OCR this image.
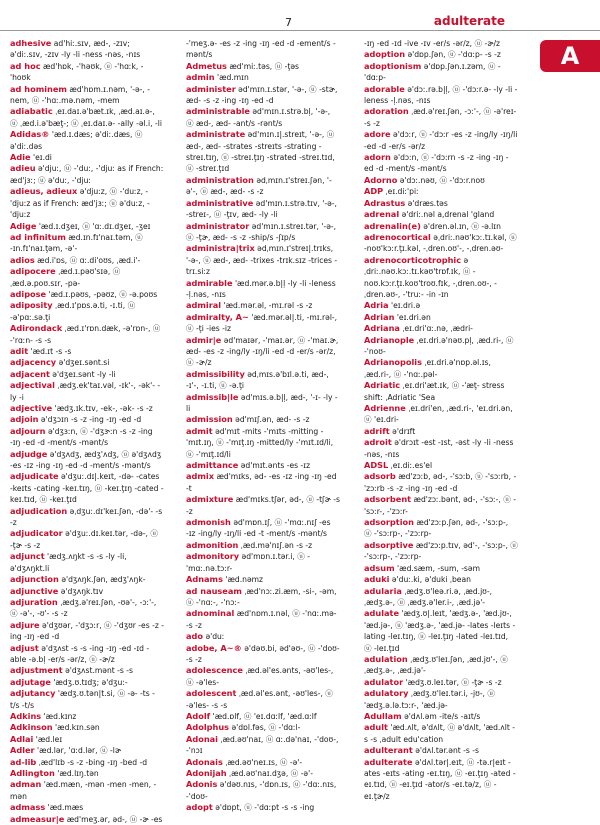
7	adulterate
A

adhesive ad'hiː.sɪv, æd-, -zɪv; ə'diː.sɪv, -zɪv -ly -li -ness -nəs, -nɪs

ad hoc æd'hɒk, -'həʊk, ⓤ -'hɑːk, -'hoʊk

ad hominem æd'hɒm.ɪ.nəm, '-ə-, -nem, ⓤ -'hɑː.mə.nəm, -mem

adiabatic ˌeɪ.daɪ.ə'bæt.ɪk, ˌæd.aɪ.ə-, ⓤ ˌæd.i.ə'bæţ-; ⓤ ˌeɪ.daɪ.ə- -ally -əl.i, -li

Adidas® 'æd.ɪ.dæs; ə'diː.dæs, ⓤ ə'diː.dəs

Adie 'eɪ.di

adieu ə'djuː, ⓤ -'duː, -'djuː as if French: æd'jɜː; ⓤ ə'duː, -'djuː

adieus, adieux ə'djuːz, ⓤ -'duːz, -'djuːz as if French: æd'jɜː; ⓤ ə'duːz, -'djuːz

Adige 'æd.ɪ.dʒeɪ, ⓤ 'ɑː.dɪ.dʒeɪ, -ʒeɪ

ad infinitum æd.ɪn.fɪ'naɪ.təm, ⓤ -ɪn.fɪ'naɪ.ţəm, -ə'-

adios æd.i'ɒs, ⓤ ɑː.di'oʊs, ˌæd.i'-

adipocere ˌæd.ɪ.pəʊ'sɪə, ⓤ ˌæd.ə.poʊ.sɪr, -pə-

adipose 'æd.ɪ.pəʊs, -pəʊz, ⓤ -ə.poʊs

adiposity ˌæd.ɪ'pɒs.ə.ti, -ɪ.ti, ⓤ -ə'pɑː.sə.ţi

Adirondack ˌæd.ɪ'rɒn.dæk, -ə'rɒn-, ⓤ -'rɑːn- -s -s

adit 'æd.ɪt -s -s

adjacency ə'dʒeɪ.sənt.si

adjacent ə'dʒeɪ.sənt -ly -li

adjectival ˌædʒ.ek'taɪ.vəl, -ɪk'-, -ək'- -ly -i

adjective 'ædʒ.ɪk.tɪv, -ek-, -ək- -s -z

adjoin ə'dʒɔɪn -s -z -ing -ɪŋ -ed -d

adjourn ə'dʒɜːn, ⓤ -'dʒɝːn -s -z -ing -ɪŋ -ed -d -ment/s -mənt/s

adjudge ə'dʒʌdʒ, ædʒ'ʌdʒ, ⓤ ə'dʒʌdʒ -es -ɪz -ing -ɪŋ -ed -d -ment/s -mənt/s

adjudicate ə'dʒuː.dɪ|.keɪt, -də- -cates -keɪts -cating -keɪ.tɪŋ, ⓤ -keɪ.ţɪŋ -cated -keɪ.tɪd, ⓤ -keɪ.ţɪd

adjudication əˌdʒuː.dɪ'keɪ.ʃən, -də'- -s -z

adjudicator ə'dʒuː.dɪ.keɪ.tər, -də-, ⓤ -ţɚ -s -z

adjunct 'ædʒ.ʌŋkt -s -s -ly -li, ə'dʒʌŋkt.li

adjunction ə'dʒʌŋk.ʃən, ædʒ'ʌŋk-

adjunctive ə'dʒʌŋk.tɪv

adjuration ˌædʒ.ə'reɪ.ʃən, -ʊə'-, -ɔː'-, ⓤ -ə'-, -ʊ'- -s -z

adjure ə'dʒʊər, -'dʒɔːr, ⓤ -'dʒʊr -es -z -ing -ɪŋ -ed -d

adjust ə'dʒʌst -s -s -ing -ɪŋ -ed -ɪd -able -ə.bl̩ -er/s -ər/z, ⓤ -ɚ/z

adjustment ə'dʒʌst.mənt -s -s

adjutage 'ædʒ.ʊ.tɪdʒ; ə'dʒuː-

adjutancy 'ædʒ.ʊ.tən|t.si, ⓤ -ə- -ts -t/s -t/s

Adkins 'æd.kɪnz

Adkinson 'æd.kɪn.sən

Adlai 'æd.leɪ

Adler 'æd.lər, 'ɑːd.lər, ⓤ -lɚ

ad-lib ˌæd'lɪb -s -z -bing -ɪŋ -bed -d

Adlington 'æd.lɪŋ.tən

adman 'æd.mæn, -mən -men -men, -mən

admass 'æd.mæs

admeasur|e æd'meʒ.ər, əd-, ⓤ -ɚ -es

-'meʒ.ə- -es -z -ing -ɪŋ -ed -d -ement/s -mənt/s

Admetus æd'miː.təs, ⓤ -ţəs

admin 'æd.mɪn

administer əd'mɪn.ɪ.stər, '-ə-, ⓤ -stɚ, æd- -s -z -ing -ɪŋ -ed -d

administrable əd'mɪn.ɪ.strə.bl̩, '-ə-, ⓤ æd-, æd- -ant/s -rənt/s

administrate əd'mɪn.ɪ|.streɪt, '-ə-, ⓤ æd-, æd- -strates -streɪts -strating -streɪ.tɪŋ, ⓤ -streɪ.ţɪŋ -strated -streɪ.tɪd, ⓤ -streɪ.ţɪd

administration ədˌmɪn.ɪ'streɪ.ʃən, '-ə'-, ⓤ æd-, æd- -s -z

administrative əd'mɪn.ɪ.strə.tɪv, '-ə-, -streɪ-, ⓤ -ţɪv, æd- -ly -li

administrator əd'mɪn.ɪ.streɪ.tər, '-ə-, ⓤ -ţɚ, æd- -s -z -ship/s -ʃɪp/s

administra|trix ədˌmɪn.ɪ'streɪ|.trɪks, '-ə-, ⓤ æd-, æd- -trixes -trɪk.sɪz -trices -trɪ.siːz

admirable 'æd.mər.ə.b|l̩ -ly -li -leness -l̩.nəs, -nɪs

admiral 'æd.mər.əl, -mɪ.rəl -s -z

admiralty, A~ 'æd.mər.əl|.ti, -mɪ.rəl-, ⓤ -ţi -ies -iz

admir|e əd'maɪər, -'maɪ.ər, ⓤ -'maɪ.ɚ, æd- -es -z -ing/ly -ɪŋ/li -ed -d -er/s -ər/z, ⓤ -ɚ/z

admissibility ədˌmɪs.ə'bɪl.ə.ti, æd-, -ɪ'-, -ɪ.ti, ⓤ -ə.ţi

admissib|le əd'mɪs.ə.b|l̩, æd-, '-ɪ- -ly -li

admission əd'mɪʃ.ən, æd- -s -z

admit əd'mɪt -mits -'mɪts -mitting -'mɪt.ɪŋ, ⓤ -'mɪţ.ɪŋ -mitted/ly -'mɪt.ɪd/li, ⓤ -'mɪţ.ɪd/li

admittance əd'mɪt.ənts -es -ɪz

admix æd'mɪks, əd- -es -ɪz -ing -ɪŋ -ed -t

admixture æd'mɪks.tʃər, əd-, ⓤ -tʃɚ -s -z

admonish əd'mɒn.ɪʃ, ⓤ -'mɑː.nɪʃ -es -ɪz -ing/ly -ɪŋ/li -ed -t -ment/s -mənt/s

admonition ˌæd.mə'nɪʃ.ən -s -z

admonitory əd'mɒn.ɪ.tər.i, ⓤ -'mɑː.nə.tɔːr-

Adnams 'æd.nəmz

ad nauseam ˌæd'nɔː.zi.æm, -si-, -əm, ⓤ -'nɑː-, -'nɔː-

adnominal æd'nɒm.ɪ.nəl, ⓤ -'nɑː.mə- -s -z

ado ə'duː

adobe, A~® ə'dəʊ.bi, əd'əʊ-, ⓤ -'doʊ- -s -z

adolescence ˌæd.əl'es.ənts, -əʊ'les-, ⓤ -ə'les-

adolescent ˌæd.əl'es.ənt, -əʊ'les-, ⓤ -ə'les- -s -s

Adolf 'æd.ɒlf, ⓤ 'eɪ.dɑːlf, 'æd.ɑːlf

Adolphus ə'dɒl.fəs, ⓤ -'dɑːl-

Adonai ˌæd.əʊ'naɪ, ⓤ ɑː.də'naɪ, -'doʊ-, -'nɔɪ

Adonais ˌæd.əʊ'neɪ.ɪs, ⓤ -ə'-

Adonijah ˌæd.əʊ'naɪ.dʒə, ⓤ -ə'-

Adonis ə'dəʊ.nɪs, -'dɒn.ɪs, ⓤ -'dɑː.nɪs, -'doʊ-

adopt ə'dɒpt, ⓤ -'dɑːpt -s -s -ing

-ɪŋ -ed -ɪd -ive -ɪv -er/s -ər/z, ⓤ -ɚ/z

adoption ə'dɒp.ʃən, ⓤ -'dɑːp- -s -z

adoptionism ə'dɒp.ʃən.ɪ.zəm, ⓤ -'dɑːp-

adorable ə'dɔː.rə.b|l̩, ⓤ -'dɔːr.ə- -ly -li -leness -l̩.nəs, -nɪs

adoration ˌæd.ə'reɪ.ʃən, -ɔː'-, ⓤ -ə'reɪ- -s -z

adore ə'dɔːr, ⓤ -'dɔːr -es -z -ing/ly -ɪŋ/li -ed -d -er/s -ər/z

adorn ə'dɔːn, ⓤ -'dɔːrn -s -z -ing -ɪŋ -ed -d -ment/s -mənt/s

Adorno ə'dɔː.nəʊ, ⓤ -'dɔːr.noʊ

ADP ˌeɪ.diː'piː

Adrastus ə'dræs.təs

adrenal ə'driː.nəl a,drenal 'gland

adrenalin(e) ə'dren.əl.ɪn, ⓤ -ə.lɪn

adrenocortical əˌdriː.nəʊ'kɔː.tɪ.kəl, ⓤ -noʊ'kɔːr.ţɪ.kəl, -ˌdren.oʊ'-, -ˌdren.əʊ-

adrenocorticotrophic əˌdriː.nəʊ.kɔː.tɪ.kəʊ'trɒf.ɪk, ⓤ -noʊ.kɔːr.ţɪ.koʊ'troʊ.fɪk, -ˌdren.oʊ-, -ˌdren.əʊ-, -'truː- -in -ɪn

Adria 'eɪ.dri.ə

Adrian 'eɪ.dri.ən

Adriana ˌeɪ.dri'ɑː.nə, ˌædri-

Adrianople ˌeɪ.dri.ə'nəʊ.pl̩, ˌæd.ri-, ⓤ -'noʊ-

Adrianopolis ˌeɪ.dri.ə'nɒp.əl.ɪs, ˌæd.ri-, ⓤ -'nɑː.pəl-

Adriatic ˌeɪ.dri'æt.ɪk, ⓤ -'æţ- stress shift: ˌAdriatic 'Sea

Adrienne ˌeɪ.dri'en, ˌæd.ri-, 'eɪ.dri.ən, ⓤ 'eɪ.dri-

adrift ə'drɪft

adroit ə'drɔɪt -est -ɪst, -əst -ly -li -ness -nəs, -nɪs

ADSL ˌeɪ.diː.es'el

adsorb æd'zɔːb, əd-, -'sɔːb, ⓤ -'sɔːrb, -'zɔːrb -s -z -ing -ɪŋ -ed -d

adsorbent æd'zɔː.bənt, əd-, -'sɔː-, ⓤ -'sɔːr-, -'zɔːr-

adsorption æd'zɔːp.ʃən, əd-, -'sɔːp-, ⓤ -'sɔːrp-, -'zɔːrp-

adsorptive æd'zɔːp.tɪv, əd'-, -'sɔːp-, ⓤ -'sɔːrp-, -'zɔːrp-

adsum 'æd.sæm, -sum, -səm

aduki ə'duː.ki, ə'duki ˌbean

adularia ˌædʒ.ʊ'leə.ri.ə, ˌæd.jʊ-, ˌædʒ.ə-, ⓤ ˌædʒ.ə'ler.i-, ˌæd.jə'-

adulate 'ædʒ.ʊ|.leɪt, 'ædʒ.ə-, 'æd.jʊ-, 'æd.jə-, ⓤ 'ædʒ.ə-, 'æd.jə- -lates -leɪts -lating -leɪ.tɪŋ, ⓤ -leɪ.ţɪŋ -lated -leɪ.tɪd, ⓤ -leɪ.ţɪd

adulation ˌædʒ.ʊ'leɪ.ʃən, ˌæd.jʊ'-, ⓤ ˌædʒ.ə-, ˌæd.jə'-

adulator 'ædʒ.ʊ.leɪ.tər, ⓤ -ţɚ -s -z

adulatory ˌædʒ.ʊ'leɪ.tər.i, -jʊ-, ⓤ 'ædʒ.ə.lə.tɔːr-, 'æd.jə-

Adullam ə'dʌl.əm -ite/s -aɪt/s

adult 'æd.ʌlt, ə'dʌlt, ⓤ ə'dʌlt, 'æd.ʌlt -s -s ˌadult edu'cation

adulterant ə'dʌl.tər.ənt -s -s

adulterate ə'dʌl.tər|.eɪt, ⓤ -tə.r|eɪt -ates -eɪts -ating -eɪ.tɪŋ, ⓤ -eɪ.ţɪŋ -ated -eɪ.tɪd, ⓤ -eɪ.ţɪd -ator/s -eɪ.tə/z, ⓤ -eɪ.ţɚ/z
